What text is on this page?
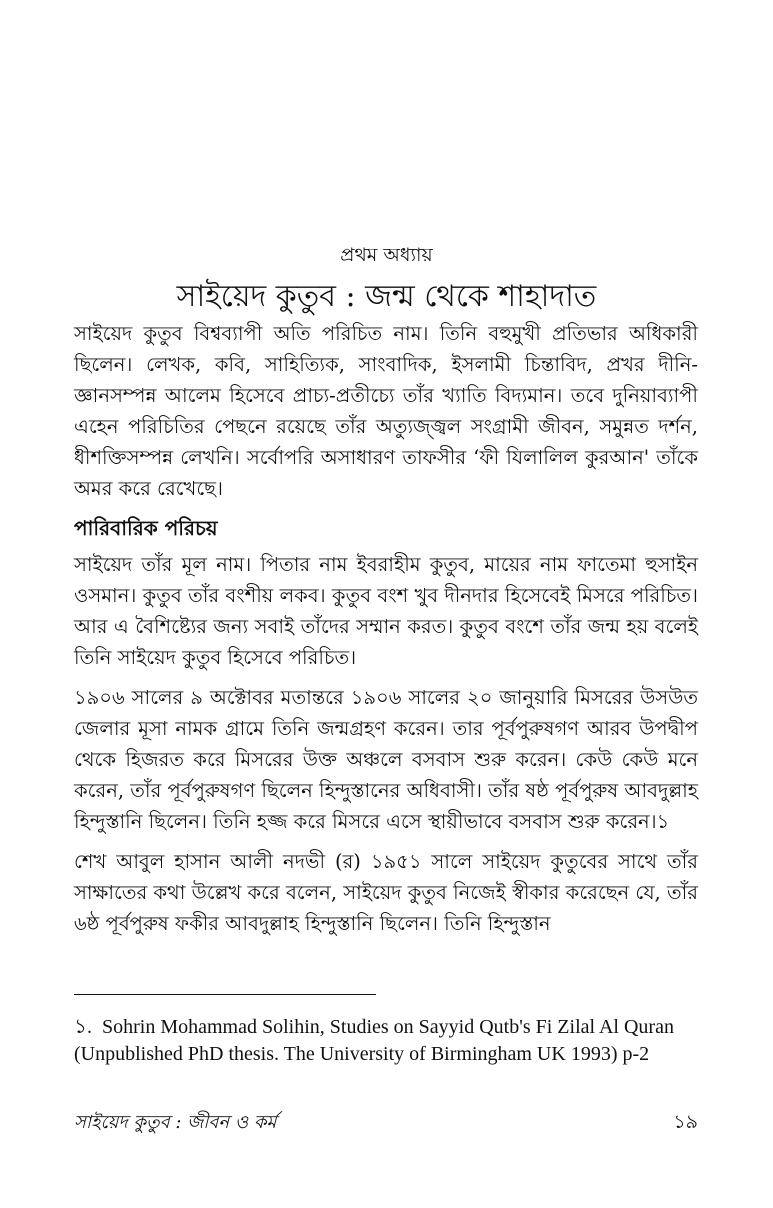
প্রথম অধ্যায়
সাইয়েদ কুতুব : জন্ম থেকে শাহাদাত

সাইয়েদ কুতুব বিশ্বব্যাপী অতি পরিচিত নাম। তিনি বহুমুখী প্রতিভার অধিকারী ছিলেন। লেখক, কবি, সাহিত্যিক, সাংবাদিক, ইসলামী চিন্তাবিদ, প্রখর দীনি-জ্ঞানসম্পন্ন আলেম হিসেবে প্রাচ্য-প্রতীচ্যে তাঁর খ্যাতি বিদ্যমান। তবে দুনিয়াব্যাপী এহেন পরিচিতির পেছনে রয়েছে তাঁর অত্যুজ্জ্বল সংগ্রামী জীবন, সমুন্নত দর্শন, ধীশক্তিসম্পন্ন লেখনি। সর্বোপরি অসাধারণ তাফসীর ‘ফী যিলালিল কুরআন' তাঁকে অমর করে রেখেছে।

পারিবারিক পরিচয়

সাইয়েদ তাঁর মূল নাম। পিতার নাম ইবরাহীম কুতুব, মায়ের নাম ফাতেমা হুসাইন ওসমান। কুতুব তাঁর বংশীয় লকব। কুতুব বংশ খুব দীনদার হিসেবেই মিসরে পরিচিত। আর এ বৈশিষ্ট্যের জন্য সবাই তাঁদের সম্মান করত। কুতুব বংশে তাঁর জন্ম হয় বলেই তিনি সাইয়েদ কুতুব হিসেবে পরিচিত।

১৯০৬ সালের ৯ অক্টোবর মতান্তরে ১৯০৬ সালের ২০ জানুয়ারি মিসরের উসউত জেলার মূসা নামক গ্রামে তিনি জন্মগ্রহণ করেন। তার পূর্বপুরুষগণ আরব উপদ্বীপ থেকে হিজরত করে মিসরের উক্ত অঞ্চলে বসবাস শুরু করেন। কেউ কেউ মনে করেন, তাঁর পূর্বপুরুষগণ ছিলেন হিন্দুস্তানের অধিবাসী। তাঁর ষষ্ঠ পূর্বপুরুষ আবদুল্লাহ হিন্দুস্তানি ছিলেন। তিনি হজ্জ করে মিসরে এসে স্থায়ীভাবে বসবাস শুরু করেন।১

শেখ আবুল হাসান আলী নদভী (র) ১৯৫১ সালে সাইয়েদ কুতুবের সাথে তাঁর সাক্ষাতের কথা উল্লেখ করে বলেন, সাইয়েদ কুতুব নিজেই স্বীকার করেছেন যে, তাঁর ৬ষ্ঠ পূর্বপুরুষ ফকীর আবদুল্লাহ হিন্দুস্তানি ছিলেন। তিনি হিন্দুস্তান

১. Sohrin Mohammad Solihin, Studies on Sayyid Qutb's Fi Zilal Al Quran (Unpublished PhD thesis. The University of Birmingham UK 1993) p-2
সাইয়েদ কুতুব : জীবন ও কর্ম	১৯
